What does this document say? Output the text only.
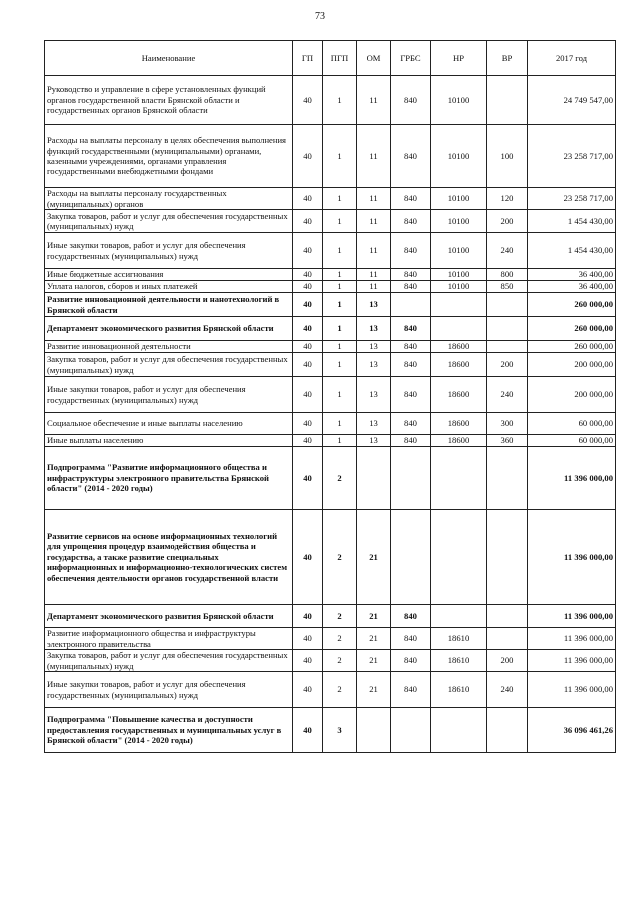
73
Наименование	ГП	ПГП	ОМ	ГРБС	НР	ВР	2017 год
Руководство и управление в сфере установленных функций органов государственной власти Брянской области и государственных органов Брянской области	40	1	11	840	10100		24 749 547,00
Расходы на выплаты персоналу в целях обеспечения выполнения функций государственными (муниципальными) органами, казенными учреждениями, органами управления государственными внебюджетными фондами	40	1	11	840	10100	100	23 258 717,00
Расходы на выплаты персоналу государственных (муниципальных) органов	40	1	11	840	10100	120	23 258 717,00
Закупка товаров, работ и услуг для обеспечения государственных (муниципальных) нужд	40	1	11	840	10100	200	1 454 430,00
Иные закупки товаров, работ и услуг для обеспечения государственных (муниципальных) нужд	40	1	11	840	10100	240	1 454 430,00
Иные бюджетные ассигнования	40	1	11	840	10100	800	36 400,00
Уплата налогов, сборов и иных платежей	40	1	11	840	10100	850	36 400,00
Развитие инновационной деятельности и нанотехнологий в Брянской области	40	1	13				260 000,00
Департамент экономического развития Брянской области	40	1	13	840			260 000,00
Развитие инновационной деятельности	40	1	13	840	18600		260 000,00
Закупка товаров, работ и услуг для обеспечения государственных (муниципальных) нужд	40	1	13	840	18600	200	200 000,00
Иные закупки товаров, работ и услуг для обеспечения государственных (муниципальных) нужд	40	1	13	840	18600	240	200 000,00
Социальное обеспечение и иные выплаты населению	40	1	13	840	18600	300	60 000,00
Иные выплаты населению	40	1	13	840	18600	360	60 000,00
Подпрограмма "Развитие информационного общества и инфраструктуры электронного правительства Брянской области" (2014 - 2020 годы)	40	2					11 396 000,00
Развитие сервисов на основе информационных технологий для упрощения процедур взаимодействия общества и государства, а также развитие специальных информационных и информационно-технологических систем обеспечения деятельности органов государственной власти	40	2	21				11 396 000,00
Департамент экономического развития Брянской области	40	2	21	840			11 396 000,00
Развитие информационного общества и инфраструктуры электронного правительства	40	2	21	840	18610		11 396 000,00
Закупка товаров, работ и услуг для обеспечения государственных (муниципальных) нужд	40	2	21	840	18610	200	11 396 000,00
Иные закупки товаров, работ и услуг для обеспечения государственных (муниципальных) нужд	40	2	21	840	18610	240	11 396 000,00
Подпрограмма "Повышение качества и доступности предоставления государственных и муниципальных услуг в Брянской области" (2014 - 2020 годы)	40	3					36 096 461,26
